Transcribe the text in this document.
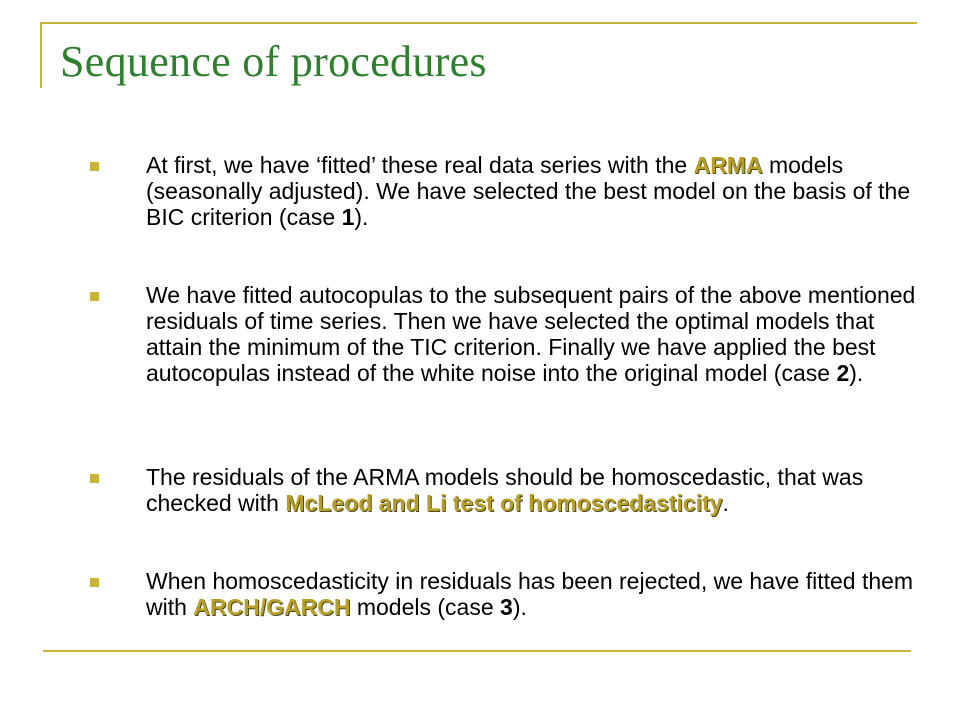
Sequence of procedures
At first, we have ‘fitted’ these real data series with the ARMA models (seasonally adjusted). We have selected the best model on the basis of the BIC criterion (case 1).
We have fitted autocopulas to the subsequent pairs of the above mentioned residuals of time series. Then we have selected the optimal models that attain the minimum of the TIC criterion. Finally we have applied the best autocopulas instead of the white noise into the original model (case 2).
The residuals of the ARMA models should be homoscedastic, that was checked with McLeod and Li test of homoscedasticity.
When homoscedasticity in residuals has been rejected, we have fitted them with ARCH/GARCH models (case 3).
